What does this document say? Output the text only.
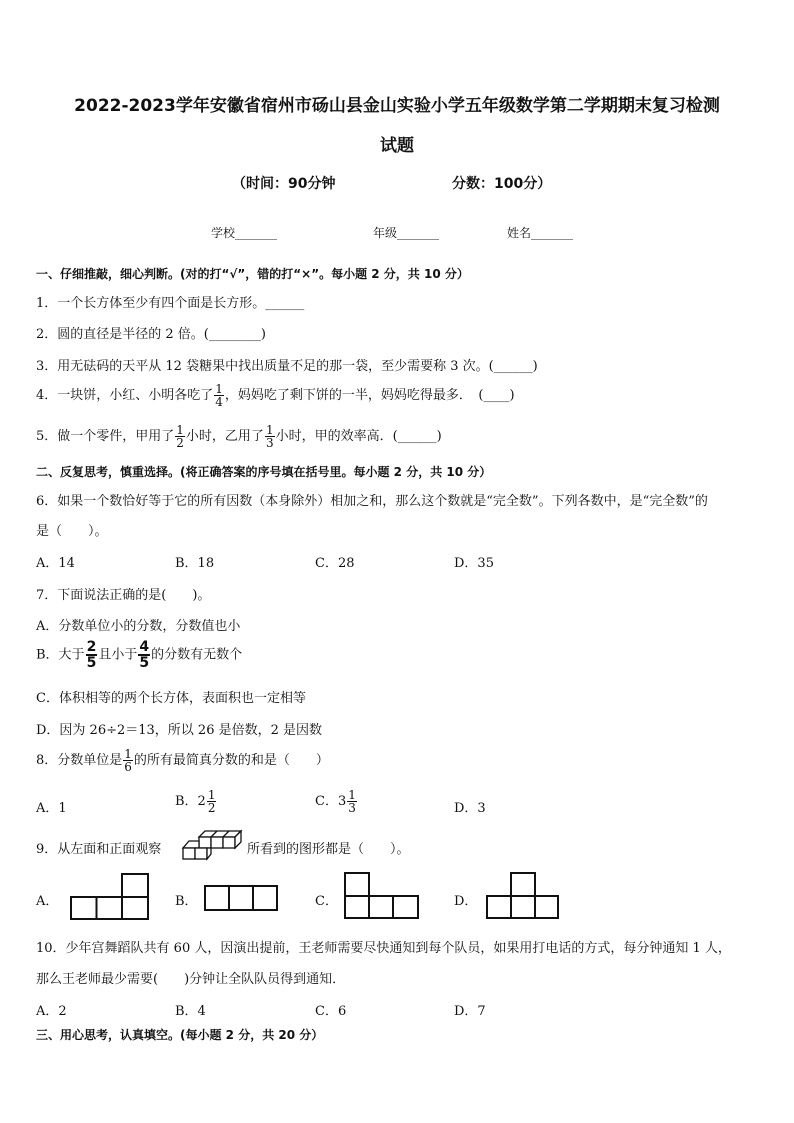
2022-2023学年安徽省宿州市砀山县金山实验小学五年级数学第二学期期末复习检测
试题
（时间：90分钟	分数：100分）
学校_______	年级_______	姓名_______
一、仔细推敲，细心判断。(对的打“√”，错的打“×”。每小题 2 分，共 10 分）
1．一个长方体至少有四个面是长方形。______
2．圆的直径是半径的 2 倍。(________)
3．用无砝码的天平从 12 袋糖果中找出质量不足的那一袋，至少需要称 3 次。(______)
4．一块饼，小红、小明各吃了 $\frac{1}{4}$ ，妈妈吃了剩下饼的一半，妈妈吃得最多．　(____)
5．做一个零件，甲用了 $\frac{1}{2}$ 小时，乙用了 $\frac{1}{3}$ 小时，甲的效率高．(______)
二、反复思考，慎重选择。(将正确答案的序号填在括号里。每小题 2 分，共 10 分）
6．如果一个数恰好等于它的所有因数（本身除外）相加之和，那么这个数就是“完全数”。下列各数中，是“完全数”的
是（　　）。
A．14	B．18	C．28	D．35
7．下面说法正确的是(　　)。
A．分数单位小的分数，分数值也小
B．大于 $\frac{2}{5}$ 且小于 $\frac{4}{5}$ 的分数有无数个
C．体积相等的两个长方体，表面积也一定相等
D．因为 26÷2＝13，所以 26 是倍数，2 是因数
8．分数单位是 $\frac{1}{6}$ 的所有最简真分数的和是（　　）
A．1	B．$2 \frac{1}{2}$	C．$3 \frac{1}{3}$	D．3
9．从左面和正面观察	所看到的图形都是（　　）。
A．	B．	C．	D．
10．少年宫舞蹈队共有 60 人，因演出提前，王老师需要尽快通知到每个队员，如果用打电话的方式，每分钟通知 1 人，
那么王老师最少需要(　　)分钟让全队队员得到通知．
A．2	B．4	C．6	D．7
三、用心思考，认真填空。(每小题 2 分，共 20 分）
